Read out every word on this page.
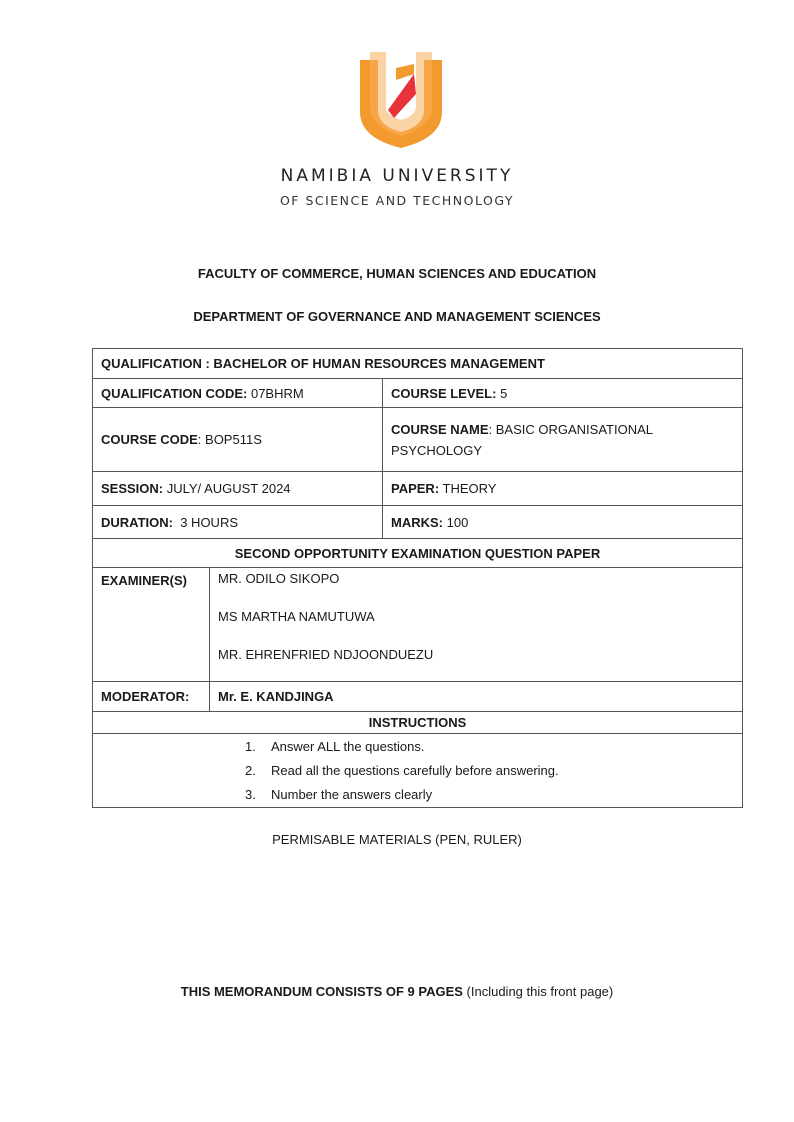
NAMIBIA UNIVERSITY
OF SCIENCE AND TECHNOLOGY
FACULTY OF COMMERCE, HUMAN SCIENCES AND EDUCATION
DEPARTMENT OF GOVERNANCE AND MANAGEMENT SCIENCES
QUALIFICATION : BACHELOR OF HUMAN RESOURCES MANAGEMENT		
QUALIFICATION CODE: 07BHRM		COURSE LEVEL: 5
COURSE CODE: BOP511S		COURSE NAME: BASIC ORGANISATIONAL PSYCHOLOGY
SESSION: JULY/ AUGUST 2024		PAPER: THEORY
DURATION:  3 HOURS		MARKS: 100
SECOND OPPORTUNITY EXAMINATION QUESTION PAPER		
EXAMINER(S)	MR. ODILO SIKOPO
MS MARTHA NAMUTUWA
MR. EHRENFRIED NDJOONDUEZU	

MODERATOR:	Mr. E. KANDJINGA	
INSTRUCTIONS		

1. Answer ALL the questions.
2. Read all the questions carefully before answering.
3. Number the answers clearly		
PERMISABLE MATERIALS (PEN, RULER)
THIS MEMORANDUM CONSISTS OF 9 PAGES (Including this front page)
